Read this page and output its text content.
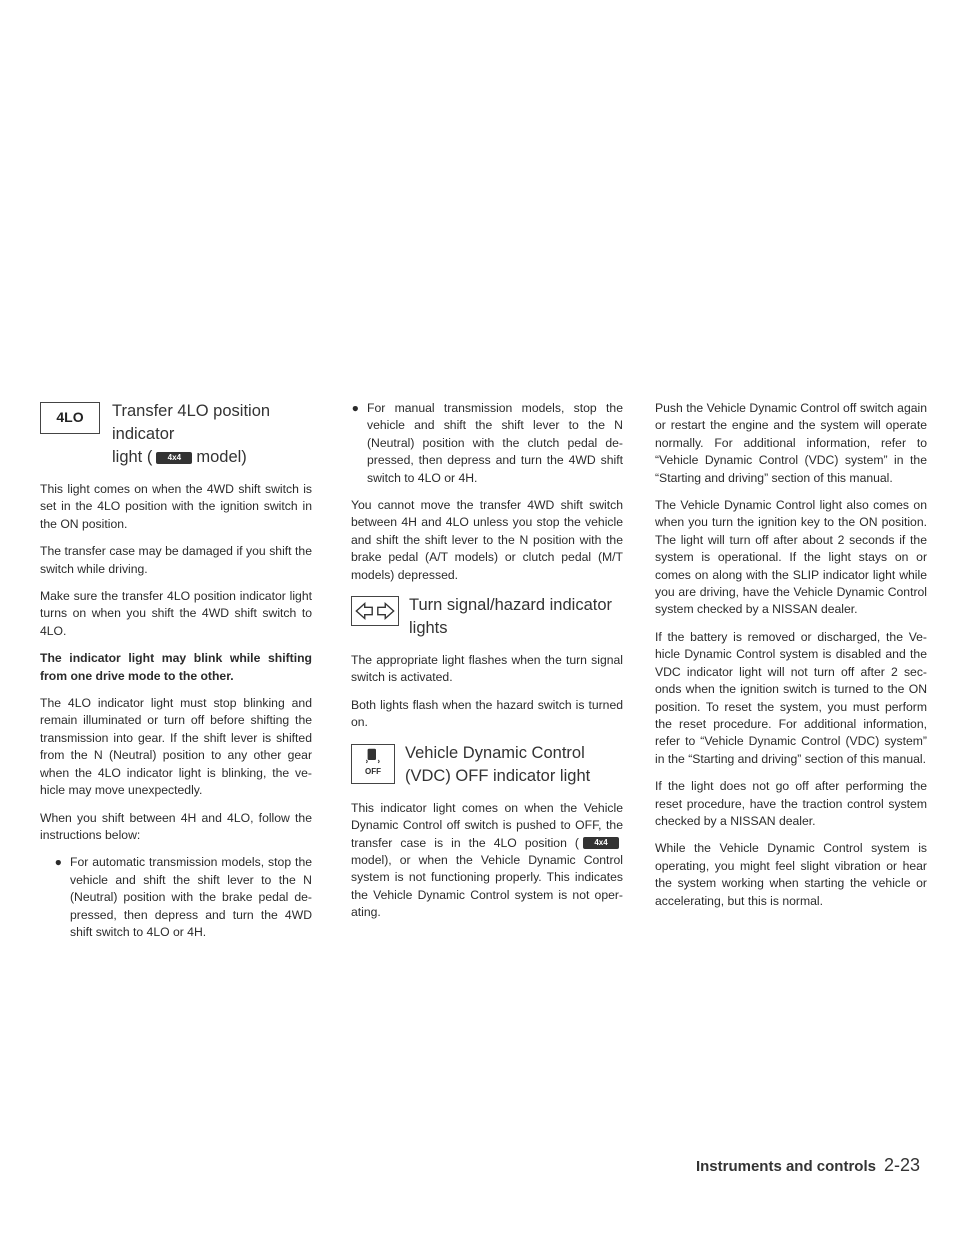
4LO	Transfer 4LO position indicator
light ( 4x4 model)

This light comes on when the 4WD shift switch is set in the 4LO position with the ignition switch in the ON position.

The transfer case may be damaged if you shift the switch while driving.

Make sure the transfer 4LO position indicator light turns on when you shift the 4WD shift switch to 4LO.

The indicator light may blink while shifting from one drive mode to the other.

The 4LO indicator light must stop blinking and remain illuminated or turn off before shifting the transmission into gear. If the shift lever is shifted from the N (Neutral) position to any other gear when the 4LO indicator light is blinking, the ve- hicle may move unexpectedly.

When you shift between 4H and 4LO, follow the instructions below:

● For automatic transmission models, stop the vehicle and shift the shift lever to the N (Neutral) position with the brake pedal de- pressed, then depress and turn the 4WD shift switch to 4LO or 4H.
● For manual transmission models, stop the vehicle and shift the shift lever to the N (Neutral) position with the clutch pedal de- pressed, then depress and turn the 4WD shift switch to 4LO or 4H.

You cannot move the transfer 4WD shift switch between 4H and 4LO unless you stop the vehicle and shift the shift lever to the N position with the brake pedal (A/T models) or clutch pedal (M/T models) depressed.

Turn signal/hazard indicator
lights

The appropriate light flashes when the turn signal switch is activated.

Both lights flash when the hazard switch is turned on.

OFF
Vehicle Dynamic Control
(VDC) OFF indicator light

This indicator light comes on when the Vehicle Dynamic Control off switch is pushed to OFF, the transfer case is in the 4LO position ( 4x4model), or when the Vehicle Dynamic Control system is not functioning properly. This indicates the Vehicle Dynamic Control system is not oper- ating.

Push the Vehicle Dynamic Control off switch again or restart the engine and the system will operate normally. For additional information, refer to “Vehicle Dynamic Control (VDC) system” in the “Starting and driving” section of this manual.

The Vehicle Dynamic Control light also comes on when you turn the ignition key to the ON position. The light will turn off after about 2 seconds if the system is operational. If the light stays on or comes on along with the SLIP indicator light while you are driving, have the Vehicle Dynamic Control system checked by a NISSAN dealer.

If the battery is removed or discharged, the Ve- hicle Dynamic Control system is disabled and the VDC indicator light will not turn off after 2 sec- onds when the ignition switch is turned to the ON position. To reset the system, you must perform the reset procedure. For additional information, refer to “Vehicle Dynamic Control (VDC) system” in the “Starting and driving” section of this manual.

If the light does not go off after performing the reset procedure, have the traction control system checked by a NISSAN dealer.

While the Vehicle Dynamic Control system is operating, you might feel slight vibration or hear the system working when starting the vehicle or accelerating, but this is normal.

Instruments and controls 2-23
